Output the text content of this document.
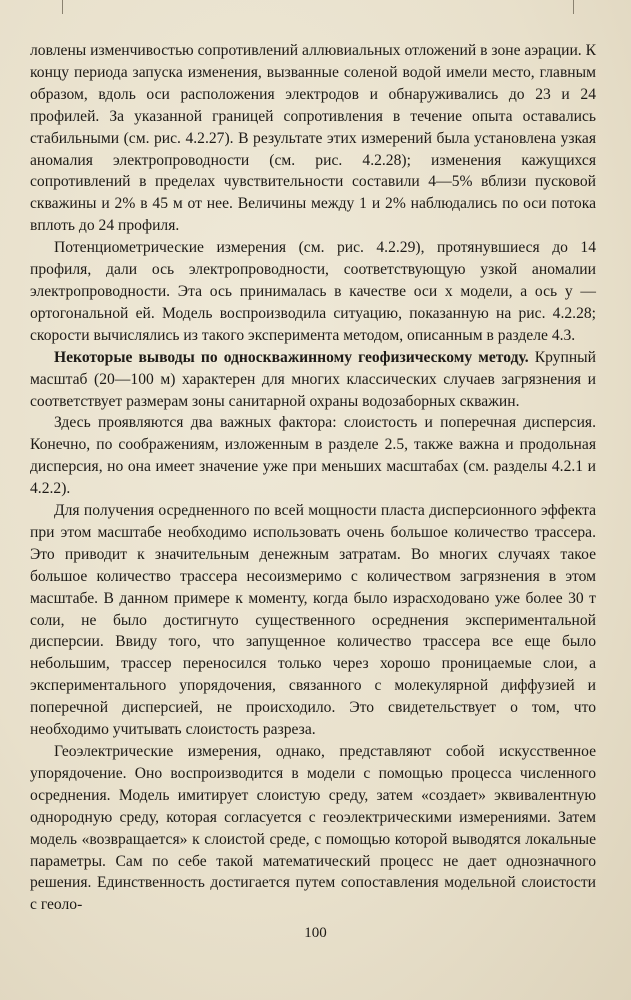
ловлены изменчивостью сопротивлений аллювиальных отложений в зоне аэрации. К концу периода запуска изменения, вызванные соленой водой имели место, главным образом, вдоль оси расположения электродов и обнаруживались до 23 и 24 профилей. За указанной границей сопротивления в течение опыта оставались стабильными (см. рис. 4.2.27). В результате этих измерений была установлена узкая аномалия электропроводности (см. рис. 4.2.28); изменения кажущихся сопротивлений в пределах чувствительности составили 4—5% вблизи пусковой скважины и 2% в 45 м от нее. Величины между 1 и 2% наблюдались по оси потока вплоть до 24 профиля.

Потенциометрические измерения (см. рис. 4.2.29), протянувшиеся до 14 профиля, дали ось электропроводности, соответствующую узкой аномалии электропроводности. Эта ось принималась в качестве оси x модели, а ось y — ортогональной ей. Модель воспроизводила ситуацию, показанную на рис. 4.2.28; скорости вычислялись из такого эксперимента методом, описанным в разделе 4.3.

Некоторые выводы по односкважинному геофизическому методу. Крупный масштаб (20—100 м) характерен для многих классических случаев загрязнения и соответствует размерам зоны санитарной охраны водозаборных скважин.

Здесь проявляются два важных фактора: слоистость и поперечная дисперсия. Конечно, по соображениям, изложенным в разделе 2.5, также важна и продольная дисперсия, но она имеет значение уже при меньших масштабах (см. разделы 4.2.1 и 4.2.2).

Для получения осредненного по всей мощности пласта дисперсионного эффекта при этом масштабе необходимо использовать очень большое количество трассера. Это приводит к значительным денежным затратам. Во многих случаях такое большое количество трассера несоизмеримо с количеством загрязнения в этом масштабе. В данном примере к моменту, когда было израсходовано уже более 30 т соли, не было достигнуто существенного осреднения экспериментальной дисперсии. Ввиду того, что запущенное количество трассера все еще было небольшим, трассер переносился только через хорошо проницаемые слои, а экспериментального упорядочения, связанного с молекулярной диффузией и поперечной дисперсией, не происходило. Это свидетельствует о том, что необходимо учитывать слоистость разреза.

Геоэлектрические измерения, однако, представляют собой искусственное упорядочение. Оно воспроизводится в модели с помощью процесса численного осреднения. Модель имитирует слоистую среду, затем «создает» эквивалентную однородную среду, которая согласуется с геоэлектрическими измерениями. Затем модель «возвращается» к слоистой среде, с помощью которой выводятся локальные параметры. Сам по себе такой математический процесс не дает однозначного решения. Единственность достигается путем сопоставления модельной слоистости с геоло-

100
